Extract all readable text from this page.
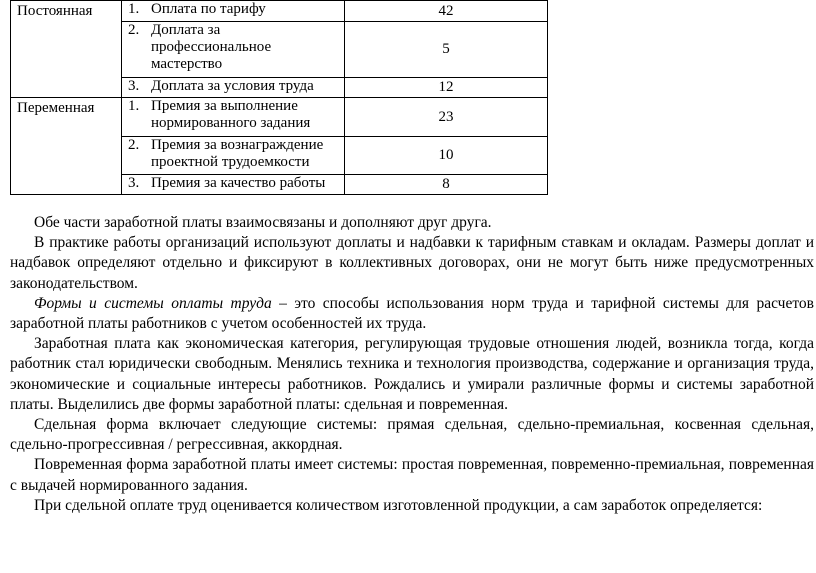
Постоянная	1. Оплата по тарифу	42

	2. Доплата за профессиональное мастерство	5

	3. Доплата за условия труда	12
Переменная	1. Премия за выполнение нормированного задания	23

	2. Премия за вознаграждение проектной трудоемкости	10

	3. Премия за качество работы	8

Обе части заработной платы взаимосвязаны и дополняют друг друга.

В практике работы организаций используют доплаты и надбавки к тарифным ставкам и окладам. Размеры доплат и надбавок определяют отдельно и фиксируют в коллективных договорах, они не могут быть ниже предусмотренных законодательством.

Формы и системы оплаты труда – это способы использования норм труда и тарифной системы для расчетов заработной платы работников с учетом особенностей их труда.

Заработная плата как экономическая категория, регулирующая трудовые отношения людей, возникла тогда, когда работник стал юридически свободным. Менялись техника и технология производства, содержание и организация труда, экономические и социальные интересы работников. Рождались и умирали различные формы и системы заработной платы. Выделились две формы заработной платы: сдельная и повременная.

Сдельная форма включает следующие системы: прямая сдельная, сдельно-премиальная, косвенная сдельная, сдельно-прогрессивная / регрессивная, аккордная.

Повременная форма заработной платы имеет системы: простая повременная, повременно-премиальная, повременная с выдачей нормированного задания.

При сдельной оплате труд оценивается количеством изготовленной продукции, а сам заработок определяется:
